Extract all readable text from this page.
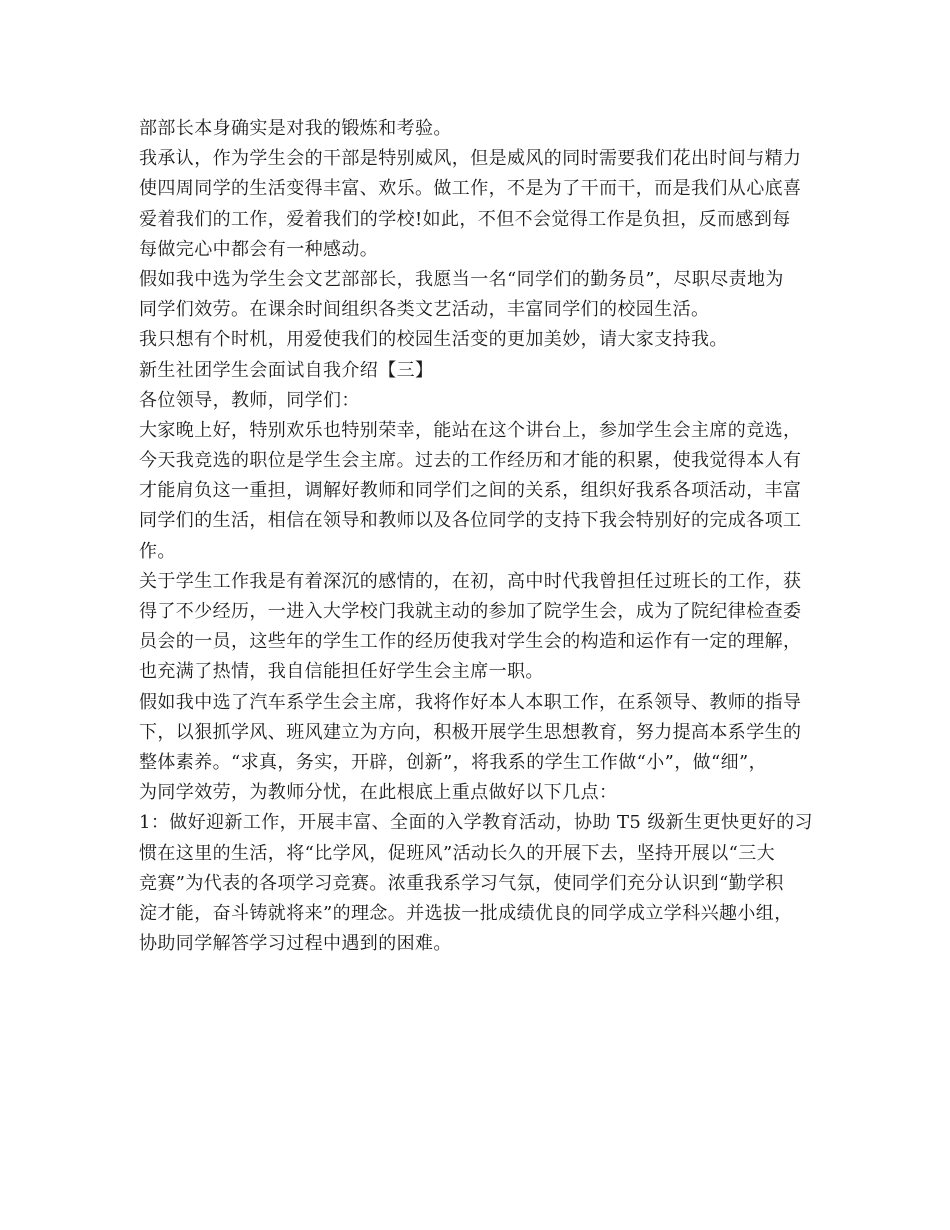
部部长本身确实是对我的锻炼和考验。
我承认，作为学生会的干部是特别威风，但是威风的同时需要我们花出时间与精力
使四周同学的生活变得丰富、欢乐。做工作，不是为了干而干，而是我们从心底喜
爱着我们的工作，爱着我们的学校!如此，不但不会觉得工作是负担，反而感到每
每做完心中都会有一种感动。
假如我中选为学生会文艺部部长，我愿当一名“同学们的勤务员”，尽职尽责地为
同学们效劳。在课余时间组织各类文艺活动，丰富同学们的校园生活。
我只想有个时机，用爱使我们的校园生活变的更加美妙，请大家支持我。
新生社团学生会面试自我介绍【三】
各位领导，教师，同学们：
大家晚上好，特别欢乐也特别荣幸，能站在这个讲台上，参加学生会主席的竞选，
今天我竞选的职位是学生会主席。过去的工作经历和才能的积累，使我觉得本人有
才能肩负这一重担，调解好教师和同学们之间的关系，组织好我系各项活动，丰富
同学们的生活，相信在领导和教师以及各位同学的支持下我会特别好的完成各项工
作。
关于学生工作我是有着深沉的感情的，在初，高中时代我曾担任过班长的工作，获
得了不少经历，一进入大学校门我就主动的参加了院学生会，成为了院纪律检查委
员会的一员，这些年的学生工作的经历使我对学生会的构造和运作有一定的理解，
也充满了热情，我自信能担任好学生会主席一职。
假如我中选了汽车系学生会主席，我将作好本人本职工作，在系领导、教师的指导
下，以狠抓学风、班风建立为方向，积极开展学生思想教育，努力提高本系学生的
整体素养。“求真，务实，开辟，创新”，将我系的学生工作做“小”，做“细”，
为同学效劳，为教师分忧，在此根底上重点做好以下几点：
1：做好迎新工作，开展丰富、全面的入学教育活动，协助 T5 级新生更快更好的习
惯在这里的生活，将“比学风，促班风”活动长久的开展下去，坚持开展以“三大
竞赛”为代表的各项学习竞赛。浓重我系学习气氛，使同学们充分认识到“勤学积
淀才能，奋斗铸就将来”的理念。并选拔一批成绩优良的同学成立学科兴趣小组，
协助同学解答学习过程中遇到的困难。
